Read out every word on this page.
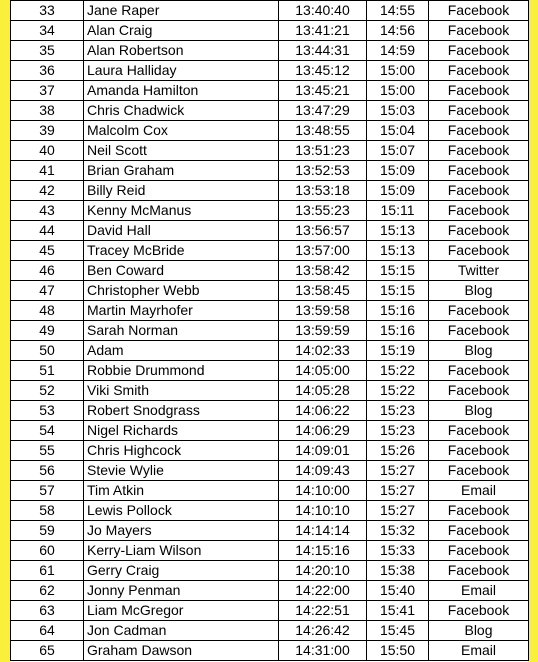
33	Jane Raper	13:40:40	14:55	Facebook
34	Alan Craig	13:41:21	14:56	Facebook
35	Alan Robertson	13:44:31	14:59	Facebook
36	Laura Halliday	13:45:12	15:00	Facebook
37	Amanda Hamilton	13:45:21	15:00	Facebook
38	Chris Chadwick	13:47:29	15:03	Facebook
39	Malcolm Cox	13:48:55	15:04	Facebook
40	Neil Scott	13:51:23	15:07	Facebook
41	Brian Graham	13:52:53	15:09	Facebook
42	Billy Reid	13:53:18	15:09	Facebook
43	Kenny McManus	13:55:23	15:11	Facebook
44	David Hall	13:56:57	15:13	Facebook
45	Tracey McBride	13:57:00	15:13	Facebook
46	Ben Coward	13:58:42	15:15	Twitter
47	Christopher Webb	13:58:45	15:15	Blog
48	Martin Mayrhofer	13:59:58	15:16	Facebook
49	Sarah Norman	13:59:59	15:16	Facebook
50	Adam	14:02:33	15:19	Blog
51	Robbie Drummond	14:05:00	15:22	Facebook
52	Viki Smith	14:05:28	15:22	Facebook
53	Robert Snodgrass	14:06:22	15:23	Blog
54	Nigel Richards	14:06:29	15:23	Facebook
55	Chris Highcock	14:09:01	15:26	Facebook
56	Stevie Wylie	14:09:43	15:27	Facebook
57	Tim Atkin	14:10:00	15:27	Email
58	Lewis Pollock	14:10:10	15:27	Facebook
59	Jo Mayers	14:14:14	15:32	Facebook
60	Kerry-Liam Wilson	14:15:16	15:33	Facebook
61	Gerry Craig	14:20:10	15:38	Facebook
62	Jonny Penman	14:22:00	15:40	Email
63	Liam McGregor	14:22:51	15:41	Facebook
64	Jon Cadman	14:26:42	15:45	Blog
65	Graham Dawson	14:31:00	15:50	Email
